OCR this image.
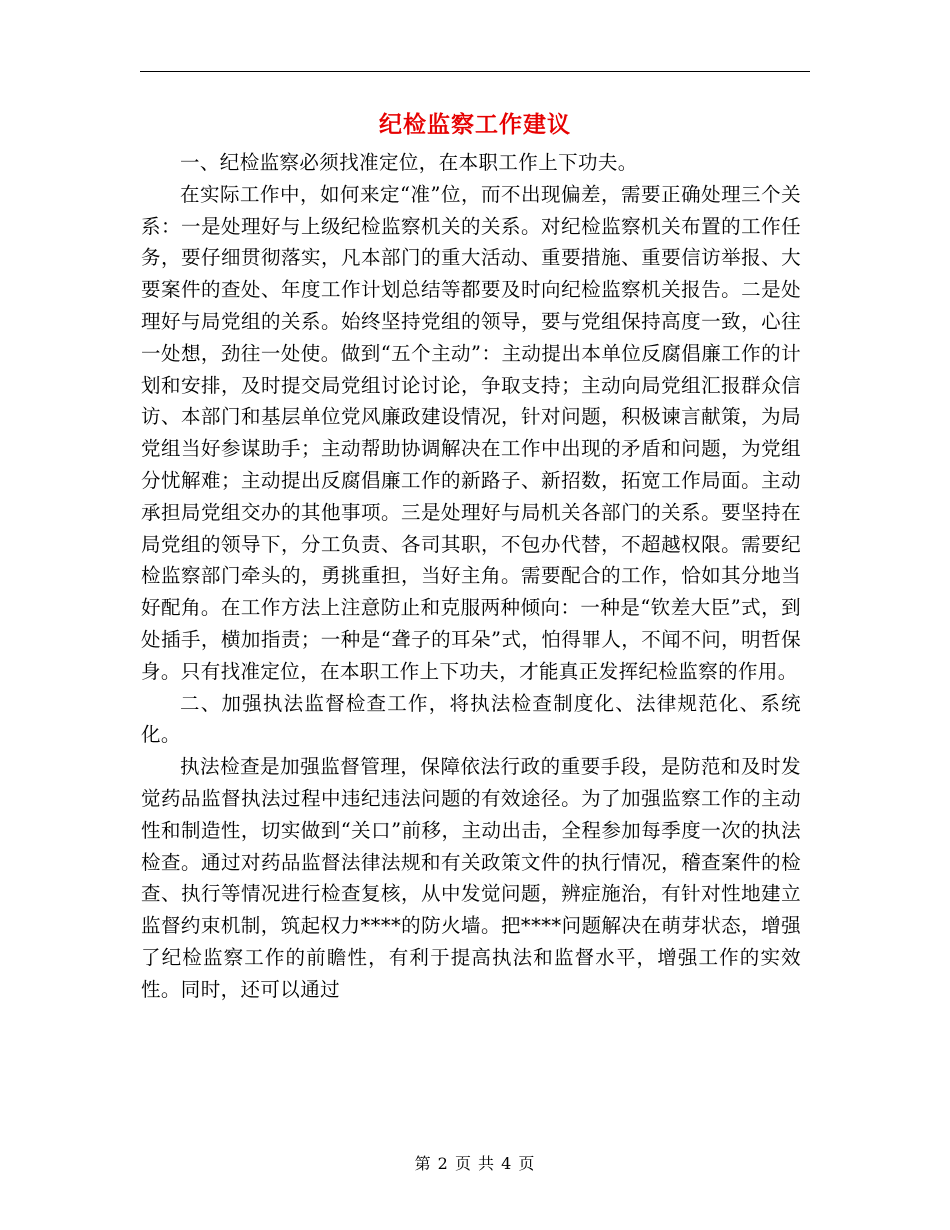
纪检监察工作建议

一、纪检监察必须找准定位，在本职工作上下功夫。

在实际工作中，如何来定“准”位，而不出现偏差，需要正确处理三个关系：一是处理好与上级纪检监察机关的关系。对纪检监察机关布置的工作任务，要仔细贯彻落实，凡本部门的重大活动、重要措施、重要信访举报、大要案件的查处、年度工作计划总结等都要及时向纪检监察机关报告。二是处理好与局党组的关系。始终坚持党组的领导，要与党组保持高度一致，心往一处想，劲往一处使。做到“五个主动”：主动提出本单位反腐倡廉工作的计划和安排，及时提交局党组讨论讨论，争取支持；主动向局党组汇报群众信访、本部门和基层单位党风廉政建设情况，针对问题，积极谏言献策，为局党组当好参谋助手；主动帮助协调解决在工作中出现的矛盾和问题，为党组分忧解难；主动提出反腐倡廉工作的新路子、新招数，拓宽工作局面。主动承担局党组交办的其他事项。三是处理好与局机关各部门的关系。要坚持在局党组的领导下，分工负责、各司其职，不包办代替，不超越权限。需要纪检监察部门牵头的，勇挑重担，当好主角。需要配合的工作，恰如其分地当好配角。在工作方法上注意防止和克服两种倾向：一种是“钦差大臣”式，到处插手，横加指责；一种是“聋子的耳朵”式，怕得罪人，不闻不问，明哲保身。只有找准定位，在本职工作上下功夫，才能真正发挥纪检监察的作用。

二、加强执法监督检查工作，将执法检查制度化、法律规范化、系统化。

执法检查是加强监督管理，保障依法行政的重要手段，是防范和及时发觉药品监督执法过程中违纪违法问题的有效途径。为了加强监察工作的主动性和制造性，切实做到“关口”前移，主动出击，全程参加每季度一次的执法检查。通过对药品监督法律法规和有关政策文件的执行情况，稽查案件的检查、执行等情况进行检查复核，从中发觉问题，辨症施治，有针对性地建立监督约束机制，筑起权力****的防火墙。把****问题解决在萌芽状态，增强了纪检监察工作的前瞻性，有利于提高执法和监督水平，增强工作的实效性。同时，还可以通过

第 2 页 共 4 页
